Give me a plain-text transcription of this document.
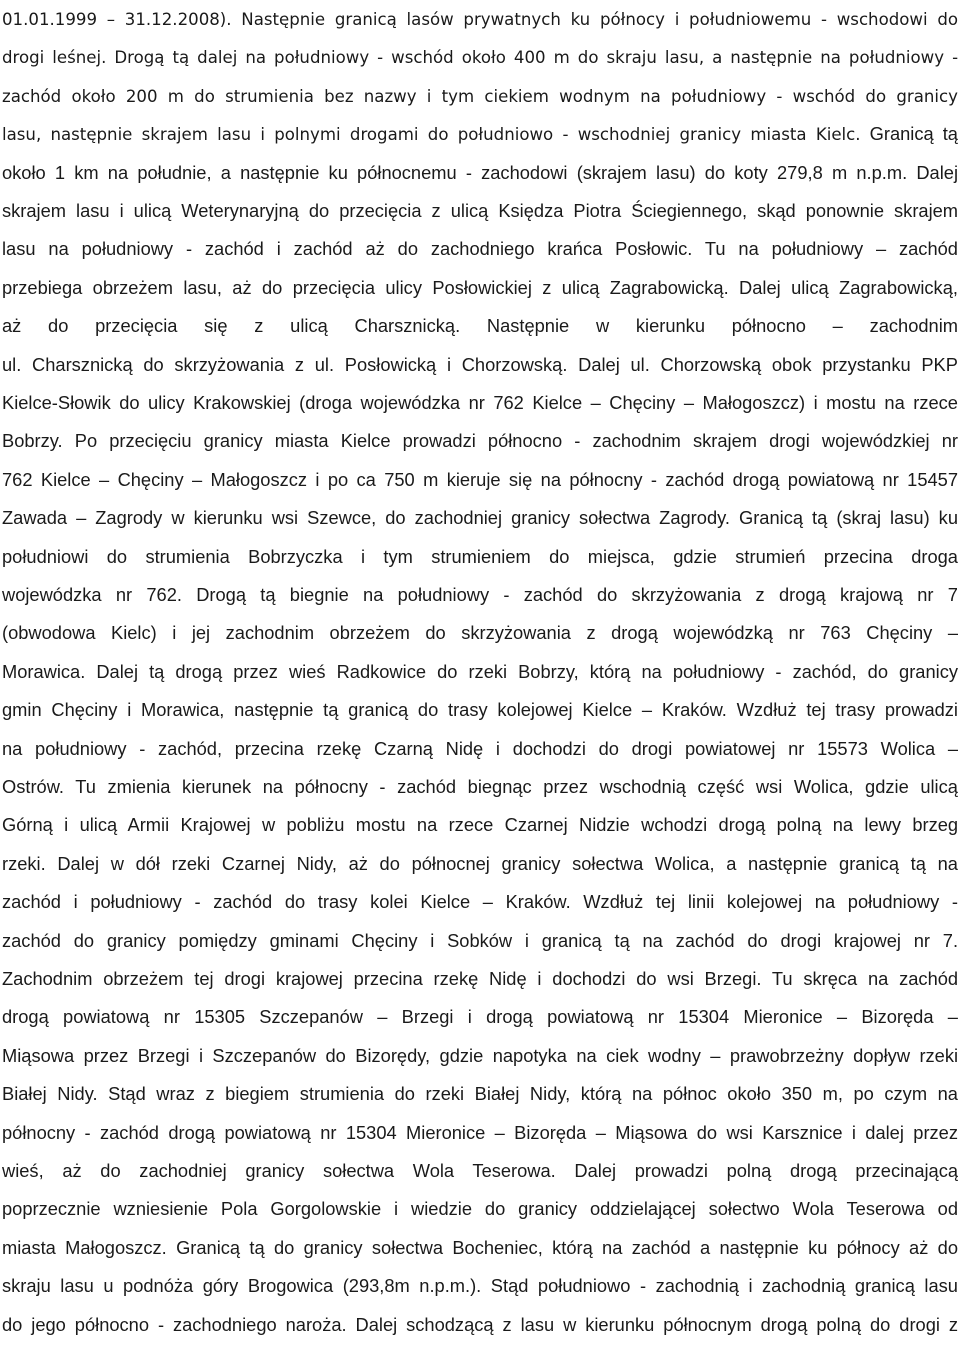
01.01.1999 – 31.12.2008). Następnie granicą lasów prywatnych ku północy i południowemu - wschodowi do
drogi leśnej. Drogą tą dalej na południowy - wschód około 400 m do skraju lasu, a następnie na południowy -
zachód około 200 m do strumienia bez nazwy i tym ciekiem wodnym na południowy - wschód do granicy
lasu, następnie skrajem lasu i polnymi drogami do południowo - wschodniej granicy miasta Kielc. Granicą tą
około 1 km na południe, a następnie ku północnemu - zachodowi (skrajem lasu) do koty 279,8 m n.p.m. Dalej
skrajem lasu i ulicą Weterynaryjną do przecięcia z ulicą Księdza Piotra Ściegiennego, skąd ponownie skrajem
lasu na południowy - zachód i zachód aż do zachodniego krańca Posłowic. Tu na południowy – zachód
przebiega obrzeżem lasu, aż do przecięcia ulicy Posłowickiej z ulicą Zagrabowicką. Dalej ulicą Zagrabowicką,
aż do przecięcia się z ulicą Charsznicką. Następnie w kierunku północno – zachodnim
ul. Charsznicką do skrzyżowania z ul. Posłowicką i Chorzowską. Dalej ul. Chorzowską obok przystanku PKP
Kielce-Słowik do ulicy Krakowskiej (droga wojewódzka nr 762 Kielce – Chęciny – Małogoszcz) i mostu na rzece
Bobrzy. Po przecięciu granicy miasta Kielce prowadzi północno - zachodnim skrajem drogi wojewódzkiej nr
762 Kielce – Chęciny – Małogoszcz i po ca 750 m kieruje się na północny - zachód drogą powiatową nr 15457
Zawada – Zagrody w kierunku wsi Szewce, do zachodniej granicy sołectwa Zagrody. Granicą tą (skraj lasu) ku
południowi do strumienia Bobrzyczka i tym strumieniem do miejsca, gdzie strumień przecina droga
wojewódzka nr 762. Drogą tą biegnie na południowy - zachód do skrzyżowania z drogą krajową nr 7
(obwodowa Kielc) i jej zachodnim obrzeżem do skrzyżowania z drogą wojewódzką nr 763 Chęciny –
Morawica. Dalej tą drogą przez wieś Radkowice do rzeki Bobrzy, którą na południowy - zachód, do granicy
gmin Chęciny i Morawica, następnie tą granicą do trasy kolejowej Kielce – Kraków. Wzdłuż tej trasy prowadzi
na południowy - zachód, przecina rzekę Czarną Nidę i dochodzi do drogi powiatowej nr 15573 Wolica –
Ostrów. Tu zmienia kierunek na północny - zachód biegnąc przez wschodnią część wsi Wolica, gdzie ulicą
Górną i ulicą Armii Krajowej w pobliżu mostu na rzece Czarnej Nidzie wchodzi drogą polną na lewy brzeg
rzeki. Dalej w dół rzeki Czarnej Nidy, aż do północnej granicy sołectwa Wolica, a następnie granicą tą na
zachód i południowy - zachód do trasy kolei Kielce – Kraków. Wzdłuż tej linii kolejowej na południowy -
zachód do granicy pomiędzy gminami Chęciny i Sobków i granicą tą na zachód do drogi krajowej nr 7.
Zachodnim obrzeżem tej drogi krajowej przecina rzekę Nidę i dochodzi do wsi Brzegi. Tu skręca na zachód
drogą powiatową nr 15305 Szczepanów – Brzegi i drogą powiatową nr 15304 Mieronice – Bizoręda –
Miąsowa przez Brzegi i Szczepanów do Bizorędy, gdzie napotyka na ciek wodny – prawobrzeżny dopływ rzeki
Białej Nidy. Stąd wraz z biegiem strumienia do rzeki Białej Nidy, którą na północ około 350 m, po czym na
północny - zachód drogą powiatową nr 15304 Mieronice – Bizoręda – Miąsowa do wsi Karsznice i dalej przez
wieś, aż do zachodniej granicy sołectwa Wola Teserowa. Dalej prowadzi polną drogą przecinającą
poprzecznie wzniesienie Pola Gorgolowskie i wiedzie do granicy oddzielającej sołectwo Wola Teserowa od
miasta Małogoszcz. Granicą tą do granicy sołectwa Bocheniec, którą na zachód a następnie ku północy aż do
skraju lasu u podnóża góry Brogowica (293,8m n.p.m.). Stąd południowo - zachodnią i zachodnią granicą lasu
do jego północno - zachodniego naroża. Dalej schodzącą z lasu w kierunku północnym drogą polną do drogi z
